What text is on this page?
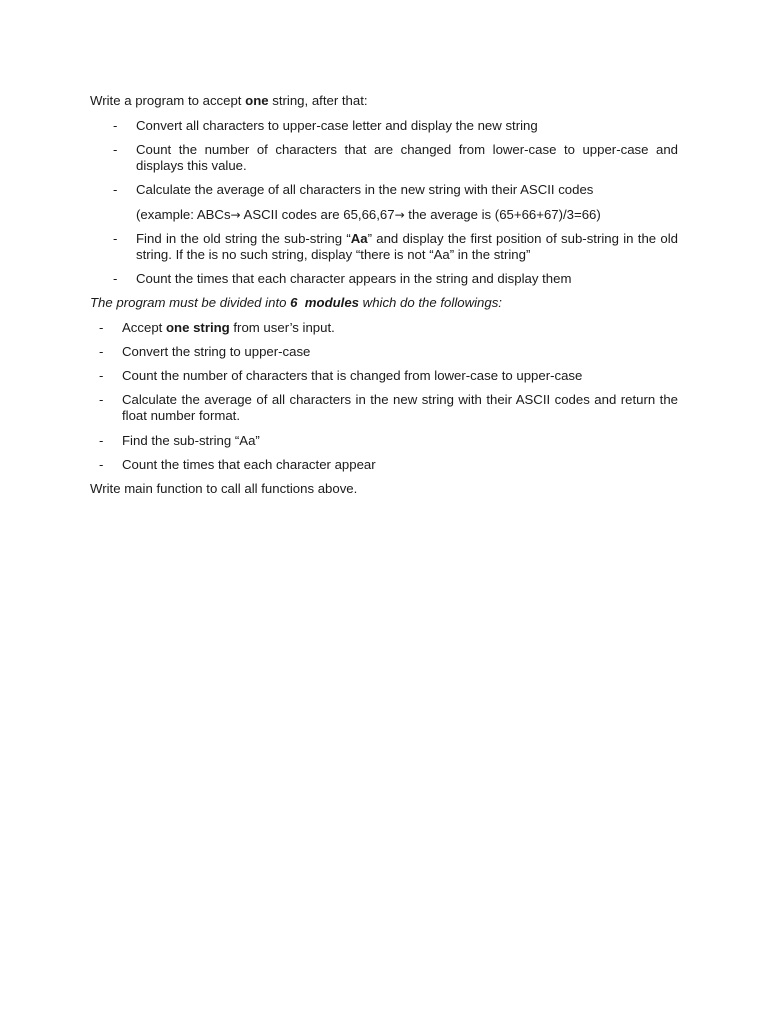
Write a program to accept one string, after that:
- Convert all characters to upper-case letter and display the new string
- Count the number of characters that are changed from lower-case to upper-case and displays this value.
- Calculate the average of all characters in the new string with their ASCII codes
(example: ABCs→ ASCII codes are 65,66,67→ the average is (65+66+67)/3=66)
- Find in the old string the sub-string “Aa” and display the first position of sub-string in the old string. If the is no such string, display “there is not “Aa” in the string”
- Count the times that each character appears in the string and display them
The program must be divided into 6  modules which do the followings:
- Accept one string from user’s input.
- Convert the string to upper-case
- Count the number of characters that is changed from lower-case to upper-case
- Calculate the average of all characters in the new string with their ASCII codes and return the float number format.
- Find the sub-string “Aa”
- Count the times that each character appear
Write main function to call all functions above.
